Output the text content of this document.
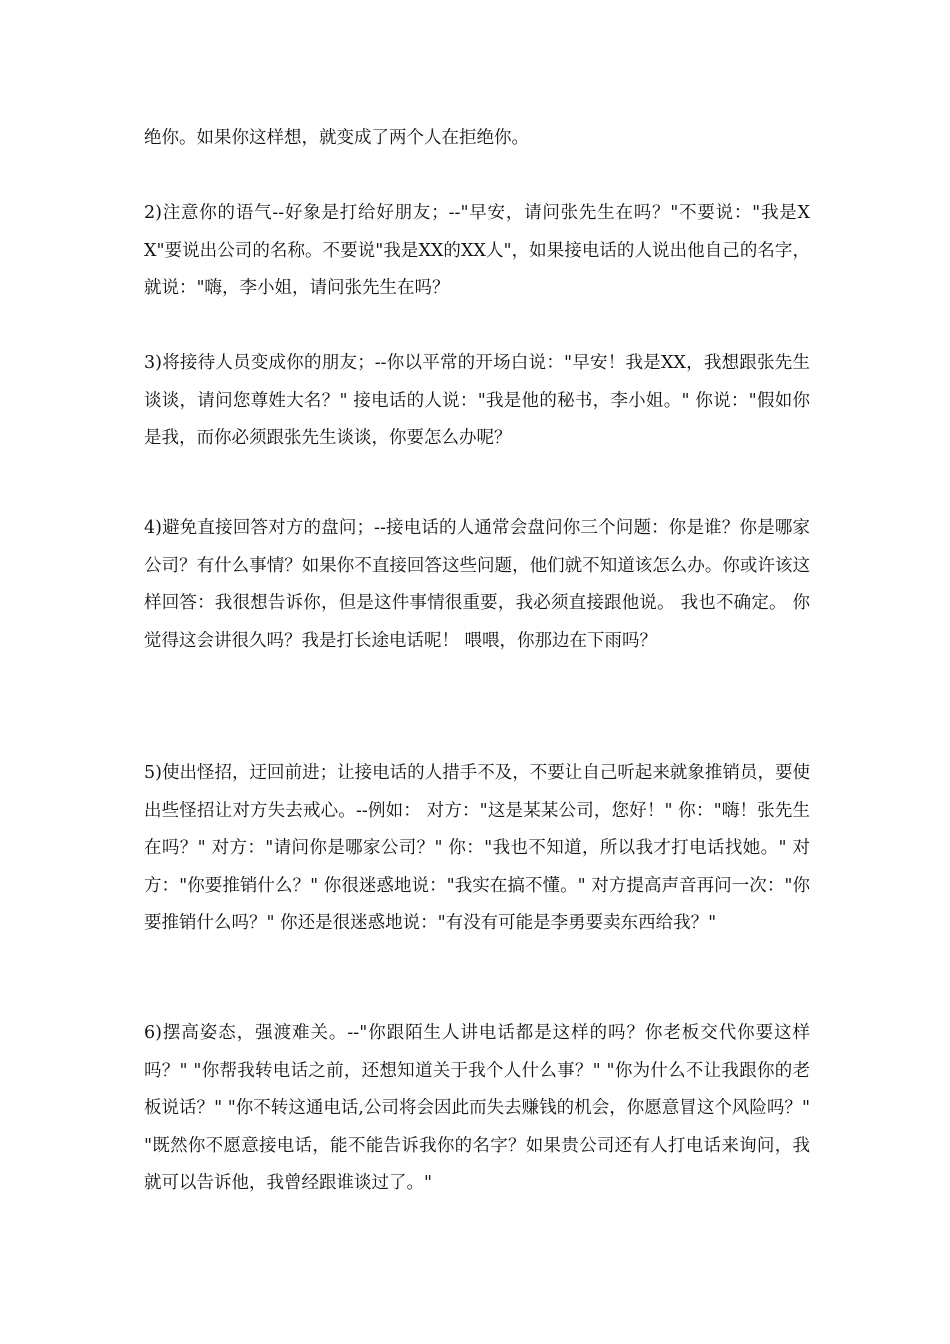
绝你。如果你这样想，就变成了两个人在拒绝你。

2)注意你的语气--好象是打给好朋友；--"早安，请问张先生在吗？"不要说："我是XX"要说出公司的名称。不要说"我是XX的XX人"，如果接电话的人说出他自己的名字，就说："嗨，李小姐，请问张先生在吗？

3)将接待人员变成你的朋友；--你以平常的开场白说："早安！我是XX，我想跟张先生谈谈，请问您尊姓大名？" 接电话的人说："我是他的秘书，李小姐。" 你说："假如你是我，而你必须跟张先生谈谈，你要怎么办呢？

4)避免直接回答对方的盘问；--接电话的人通常会盘问你三个问题：你是谁？你是哪家公司？有什么事情？如果你不直接回答这些问题，他们就不知道该怎么办。你或许该这样回答：我很想告诉你，但是这件事情很重要，我必须直接跟他说。 我也不确定。 你觉得这会讲很久吗？我是打长途电话呢！ 喂喂，你那边在下雨吗？

5)使出怪招，迂回前进；让接电话的人措手不及，不要让自己听起来就象推销员，要使出些怪招让对方失去戒心。--例如： 对方："这是某某公司，您好！" 你："嗨！张先生在吗？" 对方："请问你是哪家公司？" 你："我也不知道，所以我才打电话找她。" 对方："你要推销什么？" 你很迷惑地说："我实在搞不懂。" 对方提高声音再问一次："你要推销什么吗？" 你还是很迷惑地说："有没有可能是李勇要卖东西给我？"

6)摆高姿态，强渡难关。--"你跟陌生人讲电话都是这样的吗？你老板交代你要这样吗？" "你帮我转电话之前，还想知道关于我个人什么事？" "你为什么不让我跟你的老板说话？" "你不转这通电话,公司将会因此而失去赚钱的机会，你愿意冒这个风险吗？" "既然你不愿意接电话，能不能告诉我你的名字？如果贵公司还有人打电话来询问，我就可以告诉他，我曾经跟谁谈过了。"
